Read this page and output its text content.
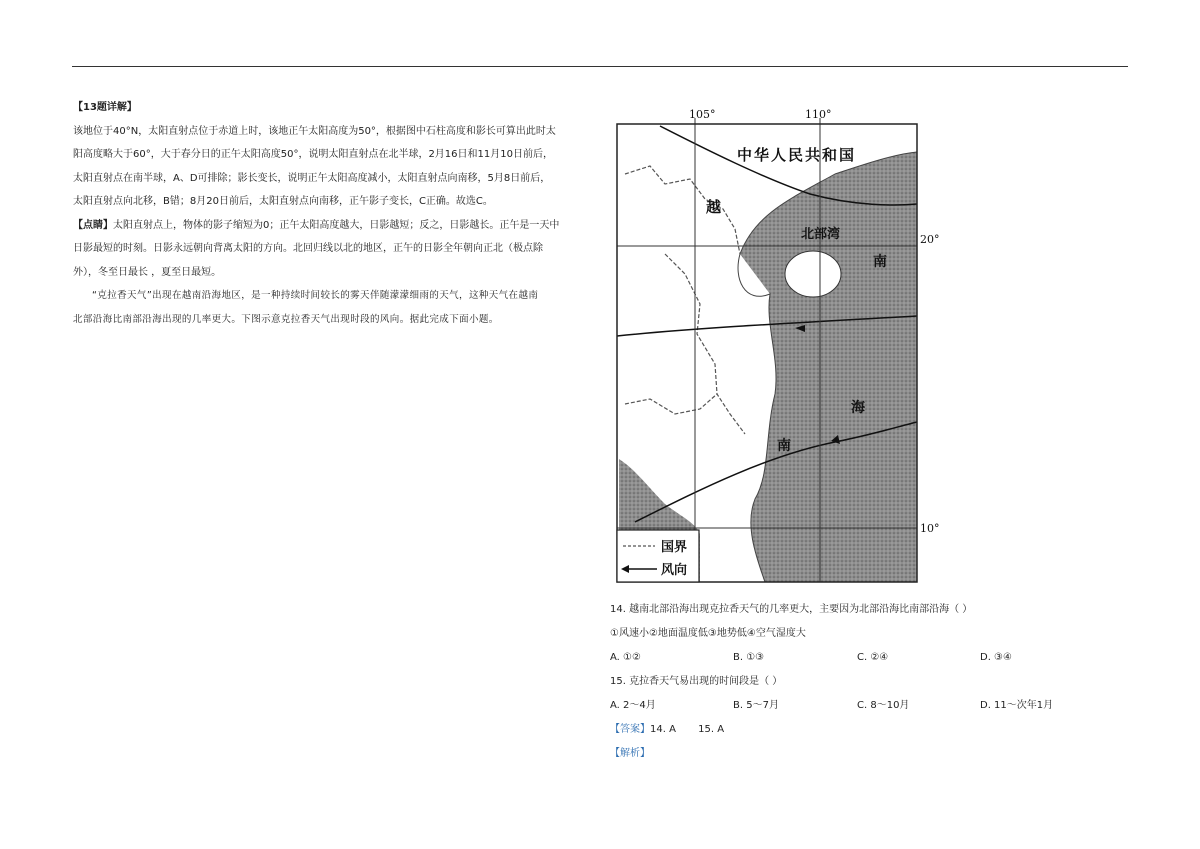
【13题详解】

该地位于40°N，太阳直射点位于赤道上时，该地正午太阳高度为50°，根据图中石柱高度和影长可算出此时太

阳高度略大于60°，大于春分日的正午太阳高度50°，说明太阳直射点在北半球，2月16日和11月10日前后，

太阳直射点在南半球，A、D可排除；影长变长，说明正午太阳高度减小，太阳直射点向南移，5月8日前后，

太阳直射点向北移，B错；8月20日前后，太阳直射点向南移，正午影子变长，C正确。故选C。

【点睛】太阳直射点上，物体的影子缩短为0；正午太阳高度越大，日影越短；反之，日影越长。正午是一天中

日影最短的时刻。日影永远朝向背离太阳的方向。北回归线以北的地区，正午的日影全年朝向正北（极点除

外），冬至日最长 ，夏至日最短。

“克拉香天气”出现在越南沿海地区，是一种持续时间较长的雾天伴随濛濛细雨的天气，这种天气在越南

北部沿海比南部沿海出现的几率更大。下图示意克拉香天气出现时段的风向。据此完成下面小题。

国界
风向
105°	110°
20°
10°
中华人民共和国
越
北部湾
南
海
南

14. 越南北部沿海出现克拉香天气的几率更大，主要因为北部沿海比南部沿海（ ）

①风速小②地面温度低③地势低④空气湿度大

A. ①②	B. ①③	C. ②④	D. ③④

15. 克拉香天气易出现的时间段是（ ）

A. 2～4月	B. 5～7月	C. 8～10月	D. 11～次年1月

【答案】14. A       15. A

【解析】
